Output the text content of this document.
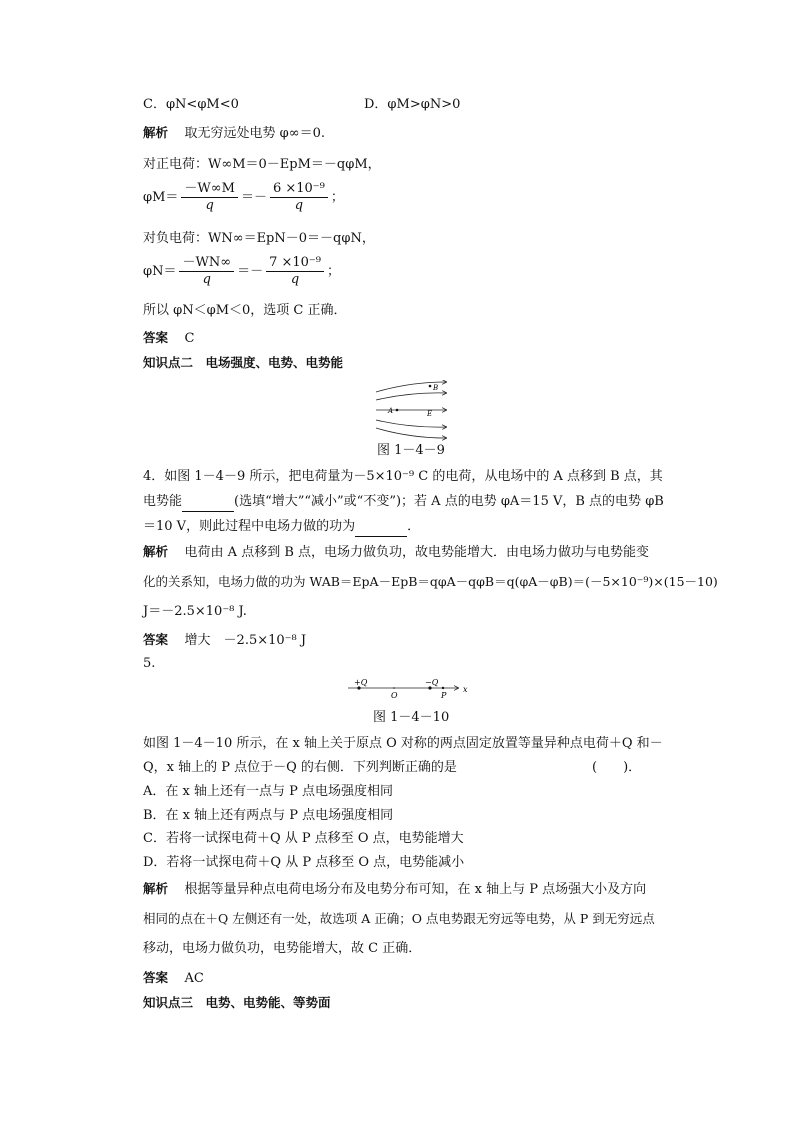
C．φN<φM<0	D．φM>φN>0
解析 取无穷远处电势 φ∞＝0.
对正电荷：W∞M＝0－EpM＝－qφM，
$\varphi M= \frac{-W\infty M}{q} =- \frac{\text{6 ×10⁻⁹}}{q}$ ；
对负电荷：WN∞＝EpN－0＝－qφN，
$\varphi N= \frac{-WN\infty}{q} =- \frac{\text{7 ×10⁻⁹}}{q}$ ；
所以 φN＜φM＜0，选项 C 正确．
答案 C
知识点二　电场强度、电势、电势能
B
A	E
图 1－4－9
4．如图 1－4－9 所示，把电荷量为－5×10⁻⁹ C 的电荷，从电场中的 A 点移到 B 点，其
电势能	(选填“增大”“减小”或“不变”)；若 A 点的电势 φA＝15 V，B 点的电势 φB
＝10 V，则此过程中电场力做的功为	．
解析 电荷由 A 点移到 B 点，电场力做负功，故电势能增大．由电场力做功与电势能变
化的关系知，电场力做的功为 WAB＝EpA－EpB＝qφA－qφB＝q(φA－φB)＝(－5×10⁻⁹)×(15－10)
J＝－2.5×10⁻⁸ J.
答案 增大　－2.5×10⁻⁸ J
5.
+Q
O
−Q
P
x
图 1－4－10
如图 1－4－10 所示，在 x 轴上关于原点 O 对称的两点固定放置等量异种点电荷＋Q 和－
Q，x 轴上的 P 点位于－Q 的右侧．下列判断正确的是	(　　)．
A．在 x 轴上还有一点与 P 点电场强度相同
B．在 x 轴上还有两点与 P 点电场强度相同
C．若将一试探电荷＋Q 从 P 点移至 O 点，电势能增大
D．若将一试探电荷＋Q 从 P 点移至 O 点，电势能减小
解析 根据等量异种点电荷电场分布及电势分布可知，在 x 轴上与 P 点场强大小及方向
相同的点在＋Q 左侧还有一处，故选项 A 正确；O 点电势跟无穷远等电势，从 P 到无穷远点
移动，电场力做负功，电势能增大，故 C 正确．
答案 AC
知识点三　电势、电势能、等势面
